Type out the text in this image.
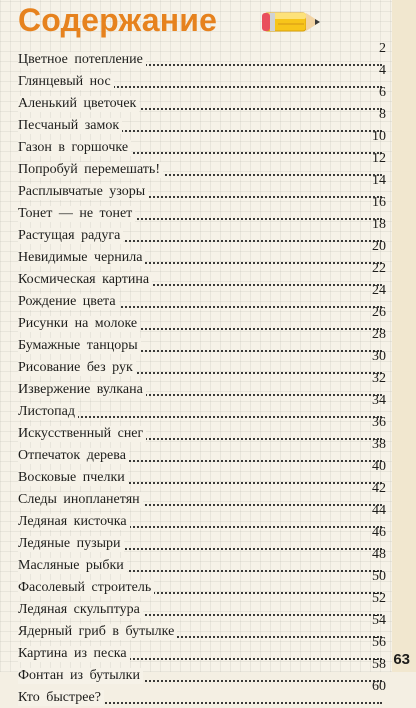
Содержание
Цветное потепление
2
Глянцевый нос
4
Аленький цветочек
6
Песчаный замок
8
Газон в горшочке
10
Попробуй перемешать!
12
Расплывчатые узоры
14
Тонет — не тонет
16
Растущая радуга
18
Невидимые чернила
20
Космическая картина
22
Рождение цвета
24
Рисунки на молоке
26
Бумажные танцоры
28
Рисование без рук
30
Извержение вулкана
32
Листопад
34
Искусственный снег
36
Отпечаток дерева
38
Восковые пчелки
40
Следы инопланетян
42
Ледяная кисточка
44
Ледяные пузыри
46
Масляные рыбки
48
Фасолевый строитель
50
Ледяная скульптура
52
Ядерный гриб в бутылке
54
Картина из песка
56
Фонтан из бутылки
58
Кто быстрее?
60
63
